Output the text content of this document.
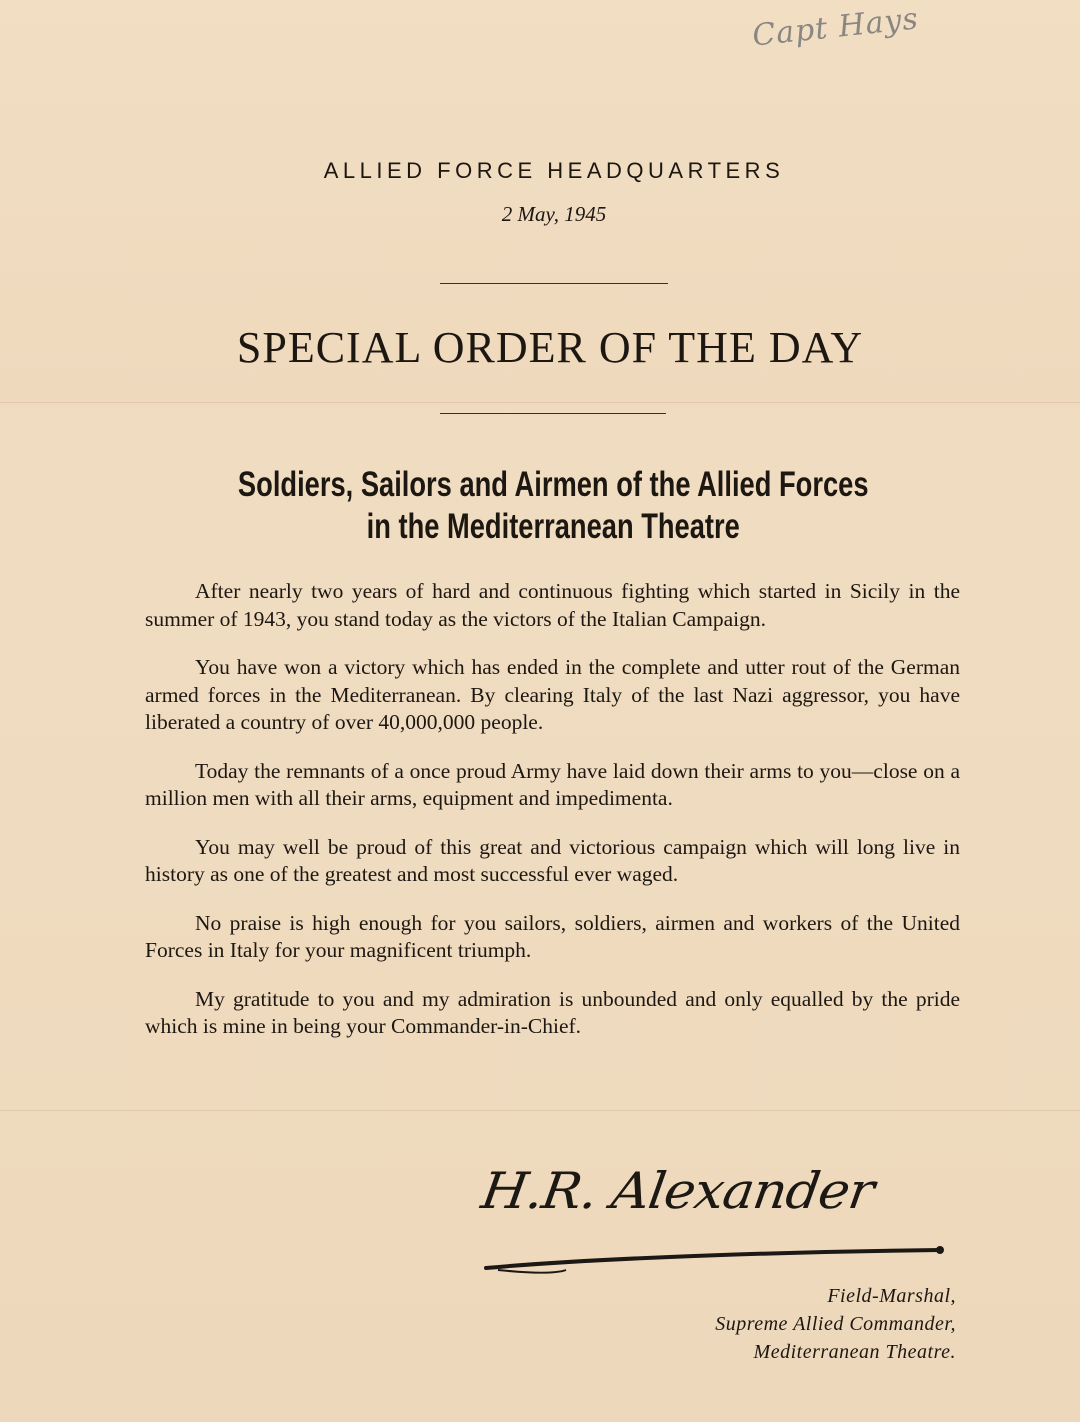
Capt Hays
ALLIED FORCE HEADQUARTERS
2 May, 1945
SPECIAL ORDER OF THE DAY
Soldiers, Sailors and Airmen of the Allied Forces
in the Mediterranean Theatre

After nearly two years of hard and continuous fighting which started in Sicily in the summer of 1943, you stand today as the victors of the Italian Campaign.

You have won a victory which has ended in the complete and utter rout of the German armed forces in the Mediterranean. By clearing Italy of the last Nazi aggressor, you have liberated a country of over 40,000,000 people.

Today the remnants of a once proud Army have laid down their arms to you—close on a million men with all their arms, equipment and impedimenta.

You may well be proud of this great and victorious campaign which will long live in history as one of the greatest and most successful ever waged.

No praise is high enough for you sailors, soldiers, airmen and workers of the United Forces in Italy for your magnificent triumph.

My gratitude to you and my admiration is unbounded and only equalled by the pride which is mine in being your Commander-in-Chief.

H.R. Alexander
Field-Marshal,
Supreme Allied Commander,
Mediterranean Theatre.
